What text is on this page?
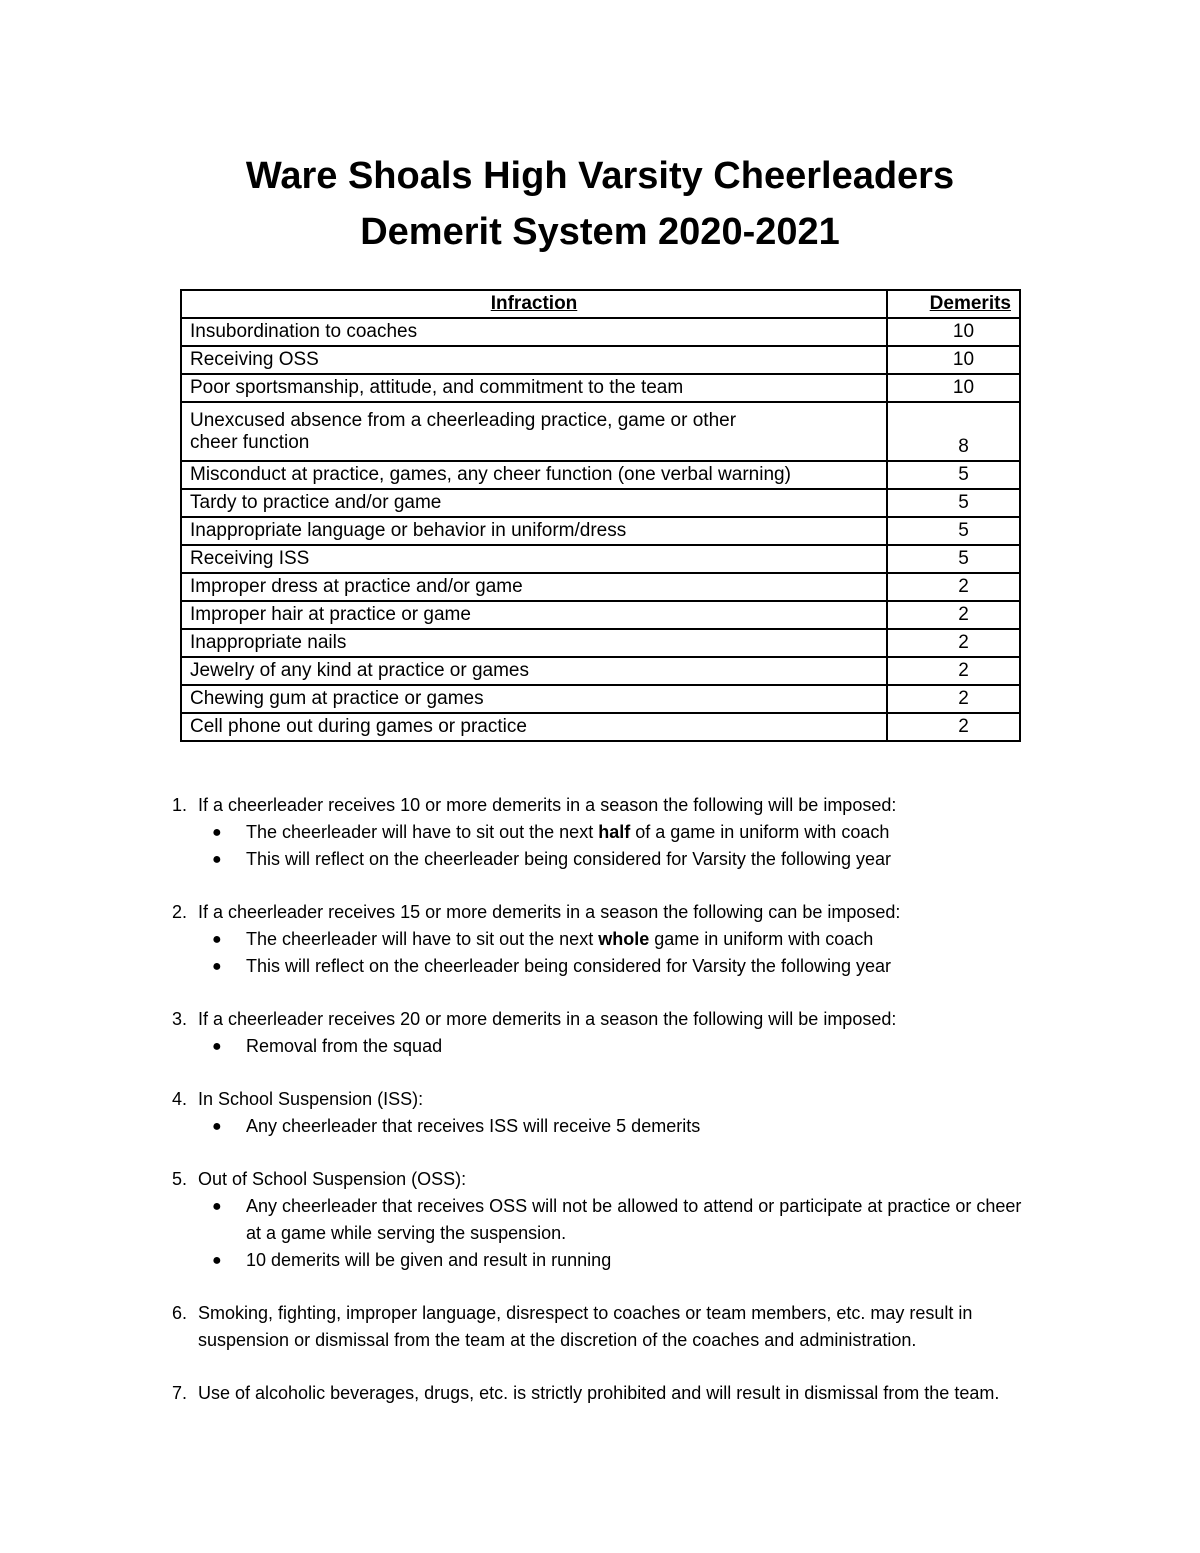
Ware Shoals High Varsity Cheerleaders
Demerit System 2020-2021
Infraction	Demerits
Insubordination to coaches	10
Receiving OSS	10
Poor sportsmanship, attitude, and commitment to the team	10
Unexcused absence from a cheerleading practice, game or other cheer function	8
Misconduct at practice, games, any cheer function (one verbal warning)	5
Tardy to practice and/or game	5
Inappropriate language or behavior in uniform/dress	5
Receiving ISS	5
Improper dress at practice and/or game	2
Improper hair at practice or game	2
Inappropriate nails	2
Jewelry of any kind at practice or games	2
Chewing gum at practice or games	2
Cell phone out during games or practice	2
1. If a cheerleader receives 10 or more demerits in a season the following will be imposed:
●	The cheerleader will have to sit out the next half of a game in uniform with coach
●	This will reflect on the cheerleader being considered for Varsity the following year
2. If a cheerleader receives 15 or more demerits in a season the following can be imposed:
●	The cheerleader will have to sit out the next whole game in uniform with coach
●	This will reflect on the cheerleader being considered for Varsity the following year
3. If a cheerleader receives 20 or more demerits in a season the following will be imposed:
●	Removal from the squad
4. In School Suspension (ISS):
●	Any cheerleader that receives ISS will receive 5 demerits
5. Out of School Suspension (OSS):
●	Any cheerleader that receives OSS will not be allowed to attend or participate at practice or cheer at a game while serving the suspension.
●	10 demerits will be given and result in running
6. Smoking, fighting, improper language, disrespect to coaches or team members, etc. may result in suspension or dismissal from the team at the discretion of the coaches and administration.
7. Use of alcoholic beverages, drugs, etc. is strictly prohibited and will result in dismissal from the team.
